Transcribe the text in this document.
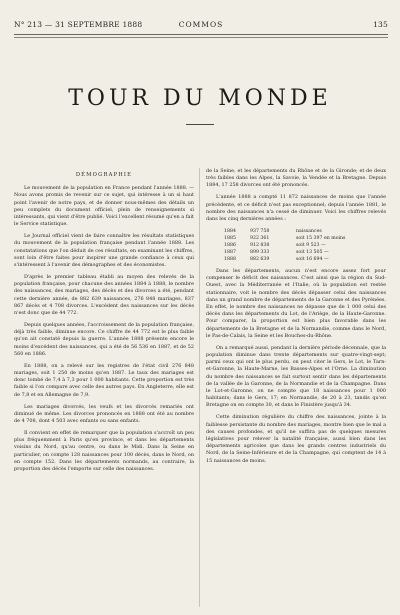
N° 213 — 31 SEPTEMBRE 1888	COMMOS	135
TOUR DU MONDE
DÉMOGRAPHIE

Le mouvement de la population en France pendant l'année 1888. — Nous avons promis de revenir sur ce sujet, qui intéresse à un si haut point l'avenir de notre pays, et de donner nous-mêmes des détails un peu complets du document officiel, plein de renseignements si intéressants, qui vient d'être publié. Voici l'excellent résumé qu'en a fait le Service statistique.

Le Journal officiel vient de faire connaître les résultats statistiques du mouvement de la population française pendant l'année 1888. Les constatations que l'on déduit de ces résultats, en examinant les chiffres, sont loin d'être faites pour inspirer une grande confiance à ceux qui s'intéressent à l'avenir des démographes et des économistes.

D'après le premier tableau établi au moyen des relevés de la population française, pour chacune des années 1884 à 1888, le nombre des naissances, des mariages, des décès et des divorces a été, pendant cette dernière année, de 882 639 naissances, 276 848 mariages, 837 867 décès et 4 708 divorces. L'excédent des naissances sur les décès n'est donc que de 44 772.

Depuis quelques années, l'accroissement de la population française, déjà très faible, diminue encore. Ce chiffre de 44 772 est le plus faible qu'on ait constaté depuis la guerre. L'année 1888 présente encore le moins d'excédent des naissances, qui a été de 56 536 en 1887, et de 52 560 en 1886.

En 1888, on a relevé sur les registres de l'état civil 276 848 mariages, soit 1 250 de moins qu'en 1887. Le taux des mariages est donc tombé de 7,4 à 7,3 pour 1 000 habitants. Cette proportion est très faible si l'on compare avec celle des autres pays. En Angleterre, elle est de 7,8 et en Allemagne de 7,9.

Les mariages divorcés, les veufs et les divorcés remariés ont diminué de même. Les divorces prononcés en 1888 ont été au nombre de 4 708, dont 4 503 avec enfants ou sans enfants.

Il convient en effet de remarquer que la population s'accroît un peu plus fréquemment à Paris qu'en province, et dans les départements voisins du Nord, qu'au centre, ou dans le Midi. Dans la Seine en particulier, on compte 128 naissances pour 100 décès, dans le Nord, on en compte 152. Dans les départements normands, au contraire, la proportion des décès l'emporte sur celle des naissances.

de la Seine, et les départements du Rhône et de la Gironde; et de deux très faibles dans les Alpes, la Savoie, la Vendée et la Bretagne. Depuis 1884, 17 258 divorces ont été prononcés.

L'année 1888 a compté 11 872 naissances de moins que l'année précédente, et ce déficit n'est pas exceptionnel; depuis l'année 1881, le nombre des naissances n'a cessé de diminuer. Voici les chiffres relevés dans les cinq dernières années :

1884	937 758	naissances
1885	922 361	soit 15 397 en moins
1886	912 838	soit 9 523 —
1887	899 333	soit 13 505 —
1888	882 639	soit 16 694 —

Dans les départements, aucun n'est encore assez fort pour compenser le déficit des naissances. C'est ainsi que la région du Sud-Ouest, avec la Méditerranée et l'Italie, où la population est restée stationnaire, voit le nombre des décès dépasser celui des naissances dans un grand nombre de départements de la Garonne et des Pyrénées. En effet, le nombre des naissances ne dépasse que de 1 000 celui des décès dans les départements du Lot, de l'Ariège, de la Haute-Garonne. Pour comparer, la proportion est bien plus favorable dans les départements de la Bretagne et de la Normandie, comme dans le Nord, le Pas-de-Calais, la Seine et les Bouches-du-Rhône.

On a remarqué aussi, pendant la dernière période décennale, que la population diminue dans trente départements sur quatre-vingt-sept; parmi ceux qui ont le plus perdu, on peut citer le Gers, le Lot, le Tarn-et-Garonne, la Haute-Marne, les Basses-Alpes et l'Orne. La diminution du nombre des naissances se fait surtout sentir dans les départements de la vallée de la Garonne, de la Normandie et de la Champagne. Dans le Lot-et-Garonne, on ne compte que 18 naissances pour 1 000 habitants; dans le Gers, 17; en Normandie, de 20 à 23, tandis qu'en Bretagne on en compte 30, et dans le Finistère jusqu'à 34.

Cette diminution régulière du chiffre des naissances, jointe à la faiblesse persistante du nombre des mariages, montre bien que le mal a des causes profondes, et qu'il ne suffira pas de quelques mesures législatives pour relever la natalité française, aussi bien dans les départements agricoles que dans les grands centres industriels du Nord, de la Seine-Inférieure et de la Champagne, qui comptent de 14 à 15 naissances de moins.
